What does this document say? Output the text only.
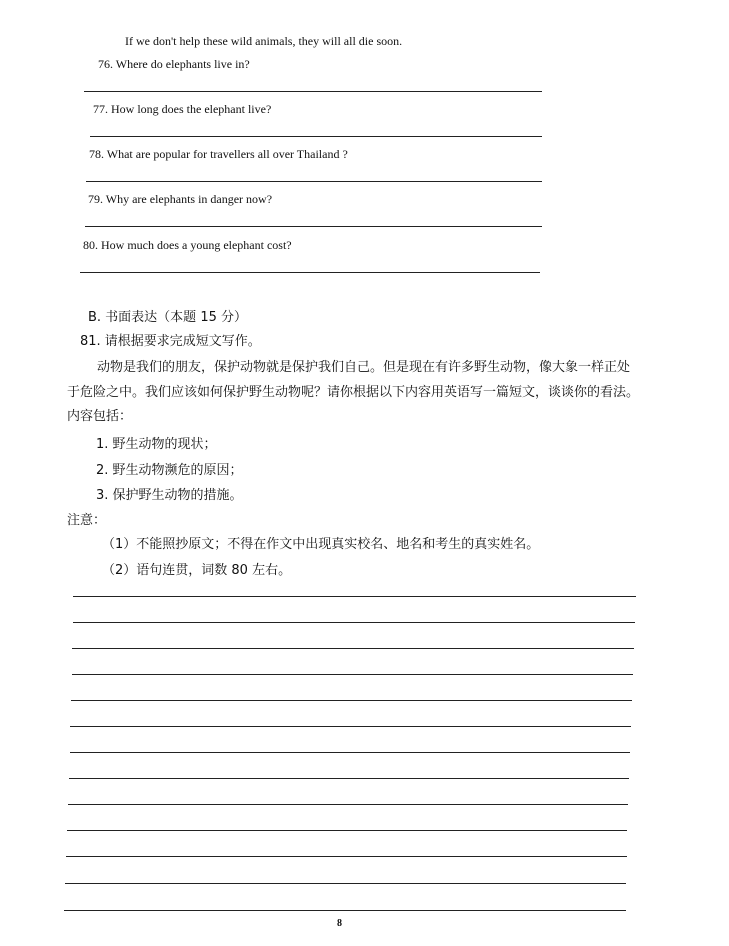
If we don't help these wild animals, they will all die soon.
76. Where do elephants live in?
77. How long does the elephant live?
78. What are popular for travellers all over Thailand ?
79. Why are elephants in danger now?
80. How much does a young elephant cost?
B. 书面表达（本题 15 分）
81. 请根据要求完成短文写作。
动物是我们的朋友，保护动物就是保护我们自己。但是现在有许多野生动物，像大象一样正处
于危险之中。我们应该如何保护野生动物呢？请你根据以下内容用英语写一篇短文，谈谈你的看法。
内容包括：
1. 野生动物的现状；
2. 野生动物濒危的原因；
3. 保护野生动物的措施。
注意：
（1）不能照抄原文；不得在作文中出现真实校名、地名和考生的真实姓名。
（2）语句连贯，词数 80 左右。
8
